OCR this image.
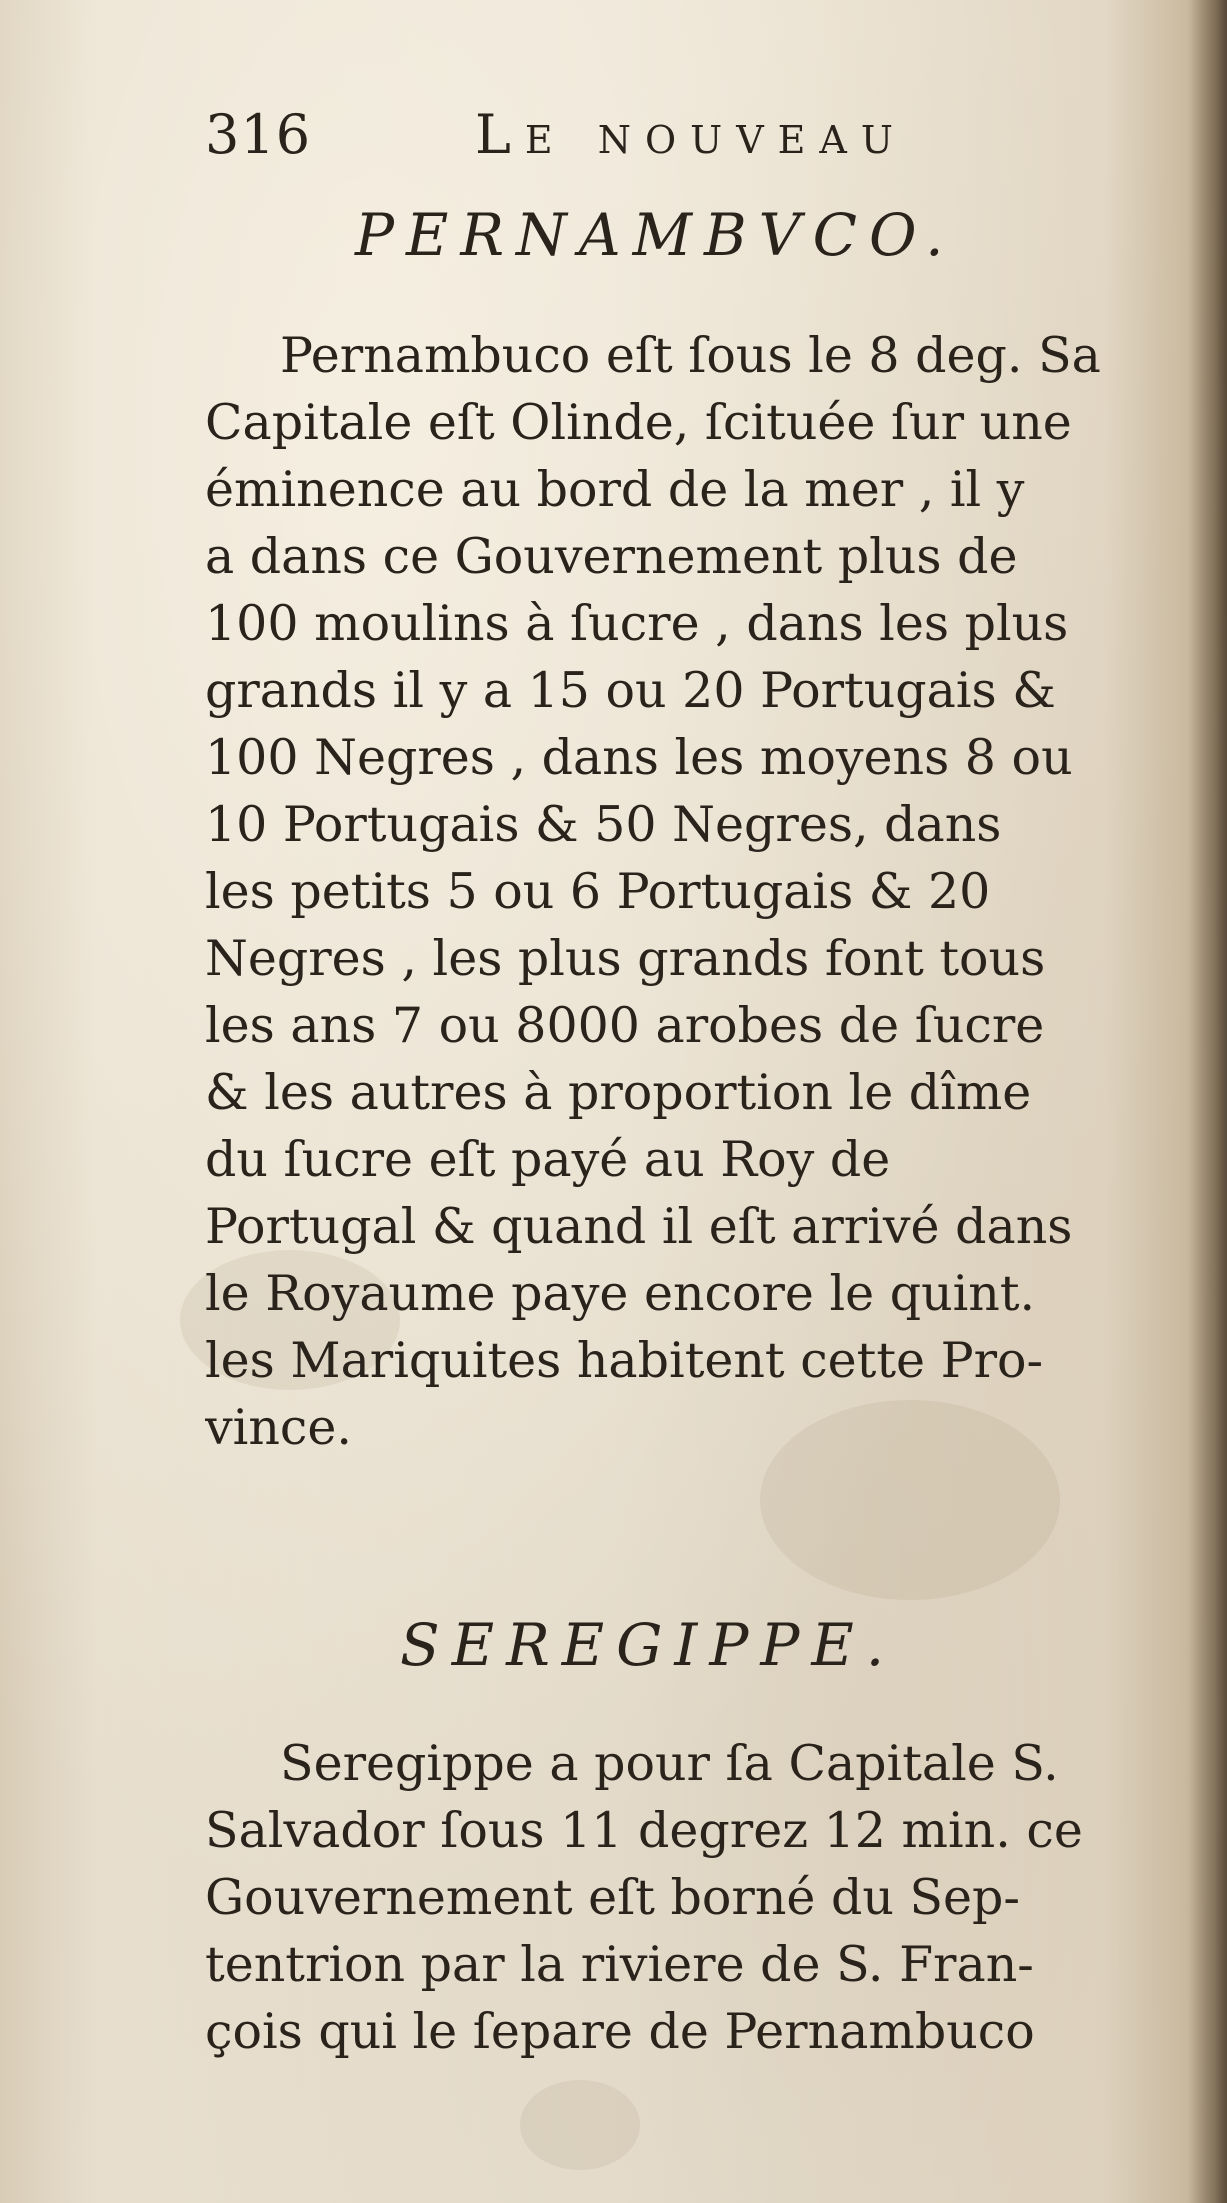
316	Le nouveau
PERNAMBVCO.
Pernambuco eſt ſous le 8 deg. Sa
Capitale eſt Olinde, ſcituée ſur une
éminence au bord de la mer , il y
a dans ce Gouvernement plus de
100 moulins à ſucre , dans les plus
grands il y a 15 ou 20 Portugais &
100 Negres , dans les moyens 8 ou
10 Portugais & 50 Negres, dans
les petits 5 ou 6 Portugais & 20
Negres , les plus grands font tous
les ans 7 ou 8000 arobes de ſucre
& les autres à proportion le dîme
du ſucre eſt payé au Roy de
Portugal & quand il eſt arrivé dans
le Royaume paye encore le quint.
les Mariquites habitent cette Pro-
vince.
SEREGIPPE.
Seregippe a pour ſa Capitale S.
Salvador ſous 11 degrez 12 min. ce
Gouvernement eſt borné du Sep-
tentrion par la riviere de S. Fran-
çois qui le ſepare de Pernambuco
